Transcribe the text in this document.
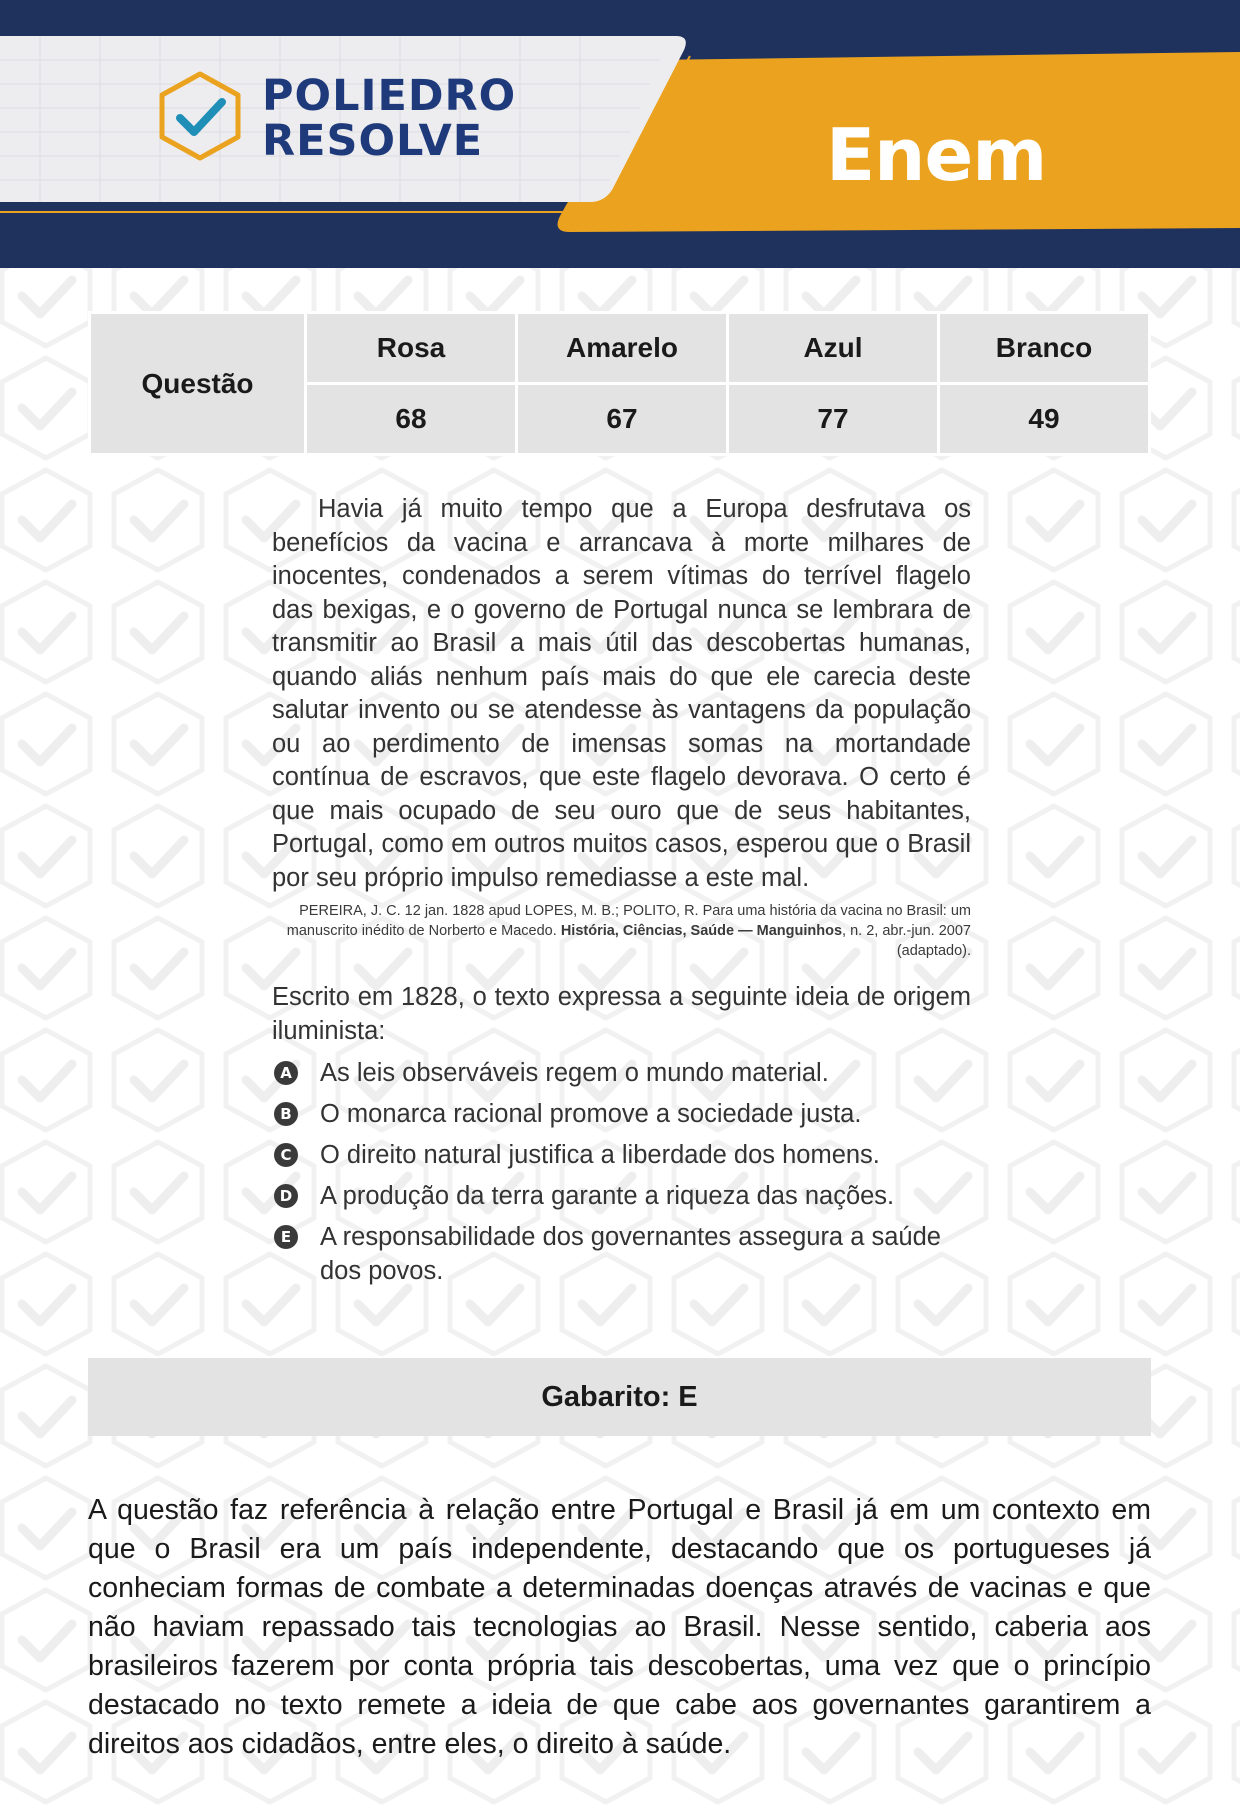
POLIEDRO
RESOLVE	Enem
Questão	Rosa	Amarelo	Azul	Branco
	68	67	77	49

Havia já muito tempo que a Europa desfrutava os benefícios da vacina e arrancava à morte milhares de inocentes, condenados a serem vítimas do terrível flagelo das bexigas, e o governo de Portugal nunca se lembrara de transmitir ao Brasil a mais útil das descobertas humanas, quando aliás nenhum país mais do que ele carecia deste salutar invento ou se atendesse às vantagens da população ou ao perdimento de imensas somas na mortandade contínua de escravos, que este flagelo devorava. O certo é que mais ocupado de seu ouro que de seus habitantes, Portugal, como em outros muitos casos, esperou que o Brasil por seu próprio impulso remediasse a este mal.

PEREIRA, J. C. 12 jan. 1828 apud LOPES, M. B.; POLITO, R. Para uma história da vacina no Brasil: um manuscrito inédito de Norberto e Macedo. História, Ciências, Saúde — Manguinhos, n. 2, abr.-jun. 2007 (adaptado).

Escrito em 1828, o texto expressa a seguinte ideia de origem iluminista:

A As leis observáveis regem o mundo material.
B O monarca racional promove a sociedade justa.
C O direito natural justifica a liberdade dos homens.
D A produção da terra garante a riqueza das nações.
E A responsabilidade dos governantes assegura a saúde dos povos.
Gabarito: E

A questão faz referência à relação entre Portugal e Brasil já em um contexto em que o Brasil era um país independente, destacando que os portugueses já conheciam formas de combate a determinadas doenças através de vacinas e que não haviam repassado tais tecnologias ao Brasil. Nesse sentido, caberia aos brasileiros fazerem por conta própria tais descobertas, uma vez que o princípio destacado no texto remete a ideia de que cabe aos governantes garantirem a direitos aos cidadãos, entre eles, o direito à saúde.
